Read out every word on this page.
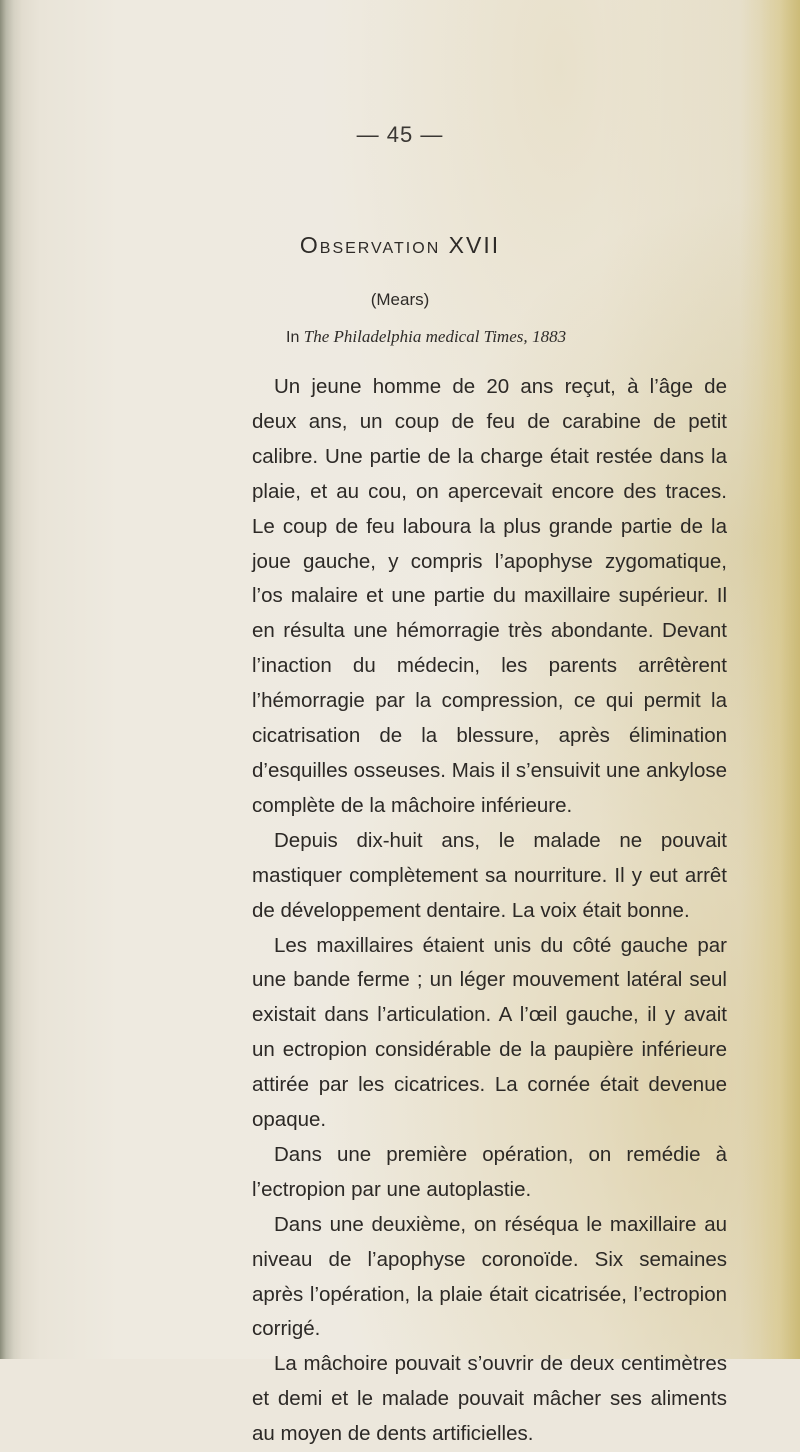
— 45 —
Observation XVII
(Mears)
In The Philadelphia medical Times, 1883

Un jeune homme de 20 ans reçut, à l’âge de deux ans, un coup de feu de carabine de petit calibre. Une partie de la charge était restée dans la plaie, et au cou, on apercevait encore des traces. Le coup de feu laboura la plus grande partie de la joue gauche, y compris l’apophyse zygomatique, l’os malaire et une partie du maxillaire supérieur. Il en résulta une hémorragie très abondante. Devant l’inaction du médecin, les parents arrêtèrent l’hémorragie par la compression, ce qui permit la cicatrisation de la blessure, après élimination d’esquilles osseuses. Mais il s’ensuivit une ankylose complète de la mâchoire inférieure.

Depuis dix-huit ans, le malade ne pouvait mastiquer complètement sa nourriture. Il y eut arrêt de développement dentaire. La voix était bonne.

Les maxillaires étaient unis du côté gauche par une bande ferme ; un léger mouvement latéral seul existait dans l’articulation. A l’œil gauche, il y avait un ectropion considérable de la paupière inférieure attirée par les cicatrices. La cornée était devenue opaque.

Dans une première opération, on remédie à l’ectropion par une autoplastie.

Dans une deuxième, on réséqua le maxillaire au niveau de l’apophyse coronoïde. Six semaines après l’opération, la plaie était cicatrisée, l’ectropion corrigé.

La mâchoire pouvait s’ouvrir de deux centimètres et demi et le malade pouvait mâcher ses aliments au moyen de dents artificielles.
